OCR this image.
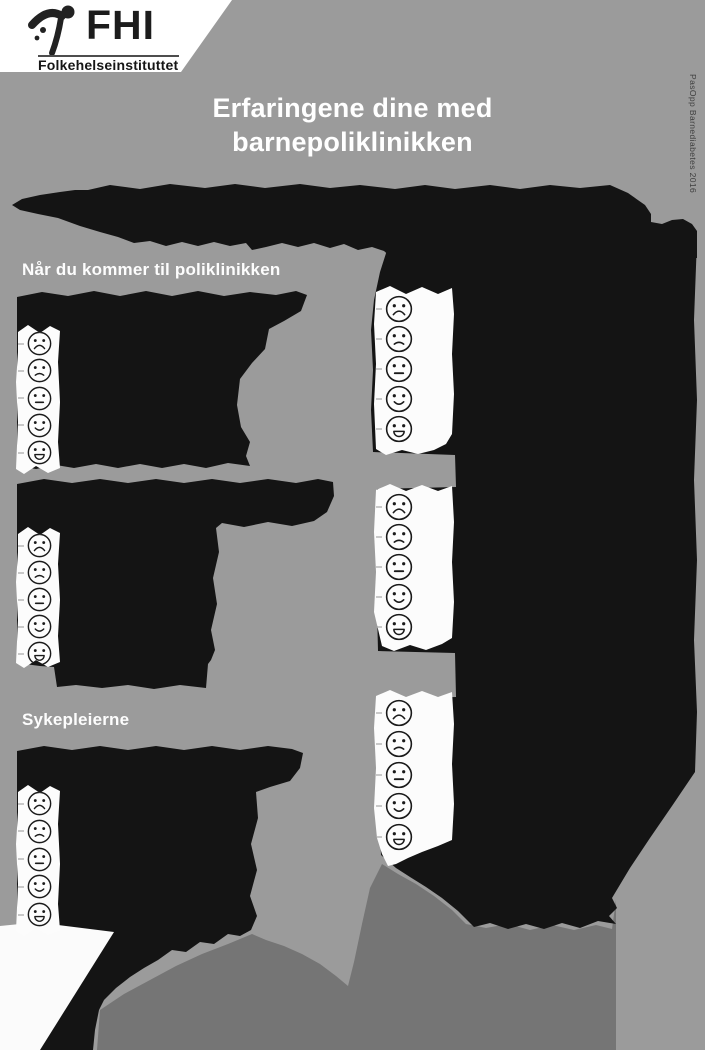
FHI
Folkehelseinstituttet
Erfaringene dine med
barnepoliklinikken
Når du kommer til poliklinikken
Sykepleierne
PasOpp Barnediabetes 2016
